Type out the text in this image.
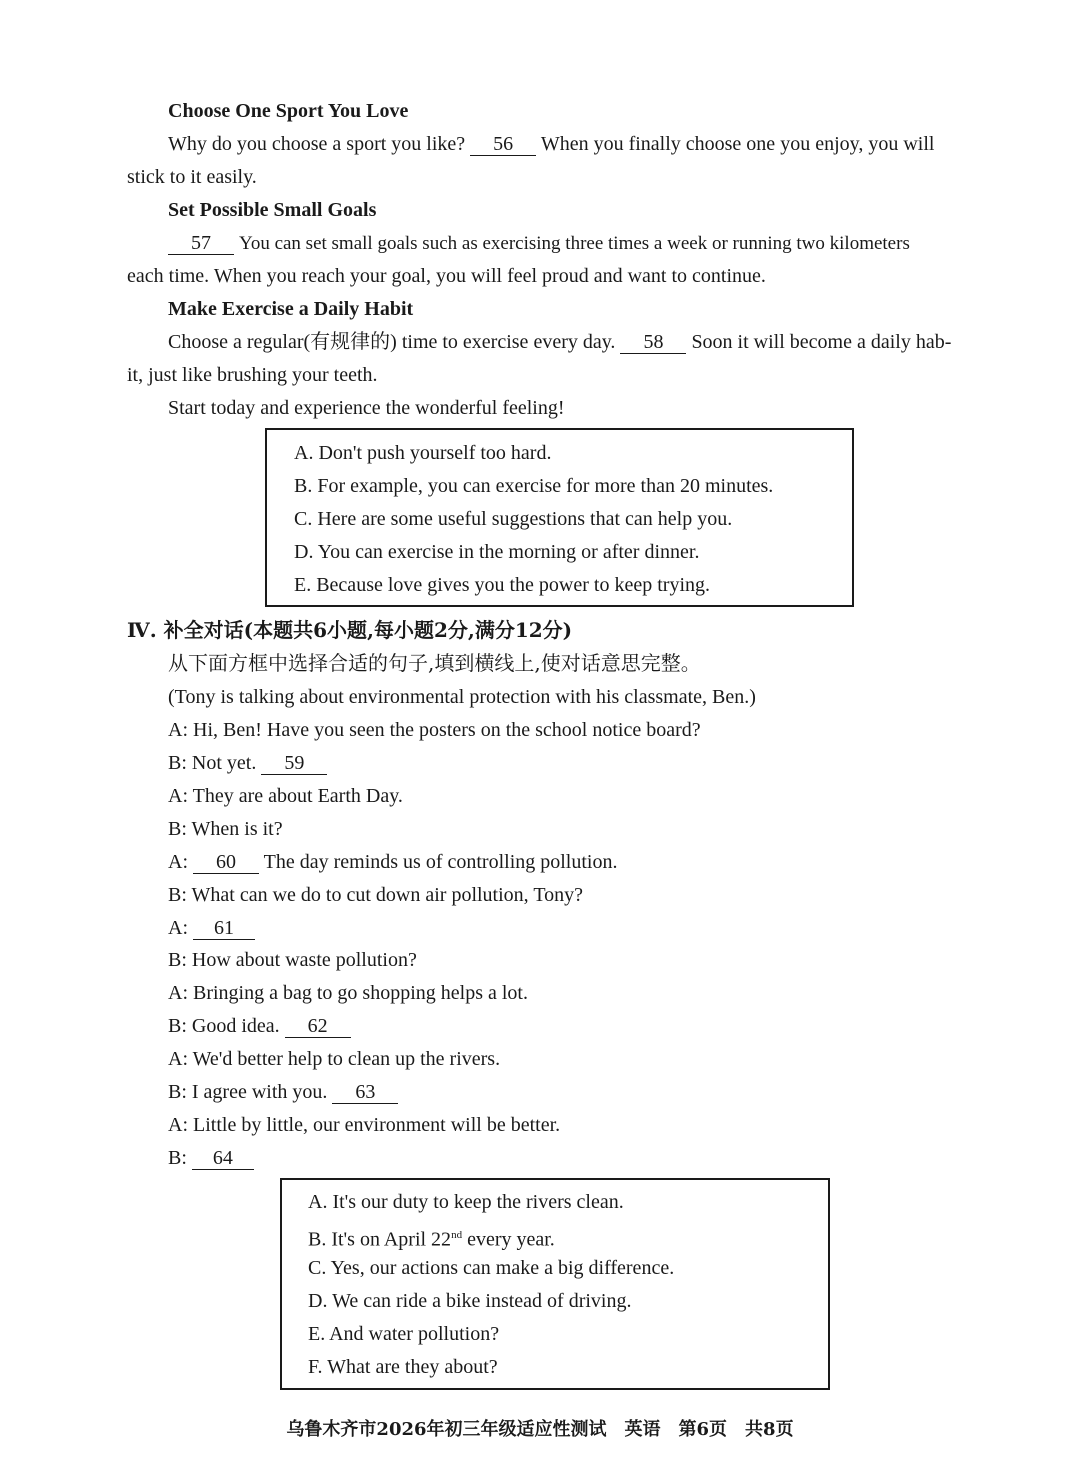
Choose One Sport You Love
Why do you choose a sport you like? 56 When you finally choose one you enjoy, you will
stick to it easily.
Set Possible Small Goals
57 You can set small goals such as exercising three times a week or running two kilometers
each time. When you reach your goal, you will feel proud and want to continue.
Make Exercise a Daily Habit
Choose a regular(有规律的) time to exercise every day. 58 Soon it will become a daily hab-
it, just like brushing your teeth.
Start today and experience the wonderful feeling!
A. Don't push yourself too hard.
B. For example, you can exercise for more than 20 minutes.
C. Here are some useful suggestions that can help you.
D. You can exercise in the morning or after dinner.
E. Because love gives you the power to keep trying.
Ⅳ. 补全对话(本题共6小题,每小题2分,满分12分)
从下面方框中选择合适的句子,填到横线上,使对话意思完整。
(Tony is talking about environmental protection with his classmate, Ben.)
A: Hi, Ben! Have you seen the posters on the school notice board?
B: Not yet. 59
A: They are about Earth Day.
B: When is it?
A: 60 The day reminds us of controlling pollution.
B: What can we do to cut down air pollution, Tony?
A: 61
B: How about waste pollution?
A: Bringing a bag to go shopping helps a lot.
B: Good idea. 62
A: We'd better help to clean up the rivers.
B: I agree with you. 63
A: Little by little, our environment will be better.
B: 64
A. It's our duty to keep the rivers clean.
B. It's on April 22nd every year.
C. Yes, our actions can make a big difference.
D. We can ride a bike instead of driving.
E. And water pollution?
F. What are they about?
乌鲁木齐市2026年初三年级适应性测试　英语　第6页　共8页
